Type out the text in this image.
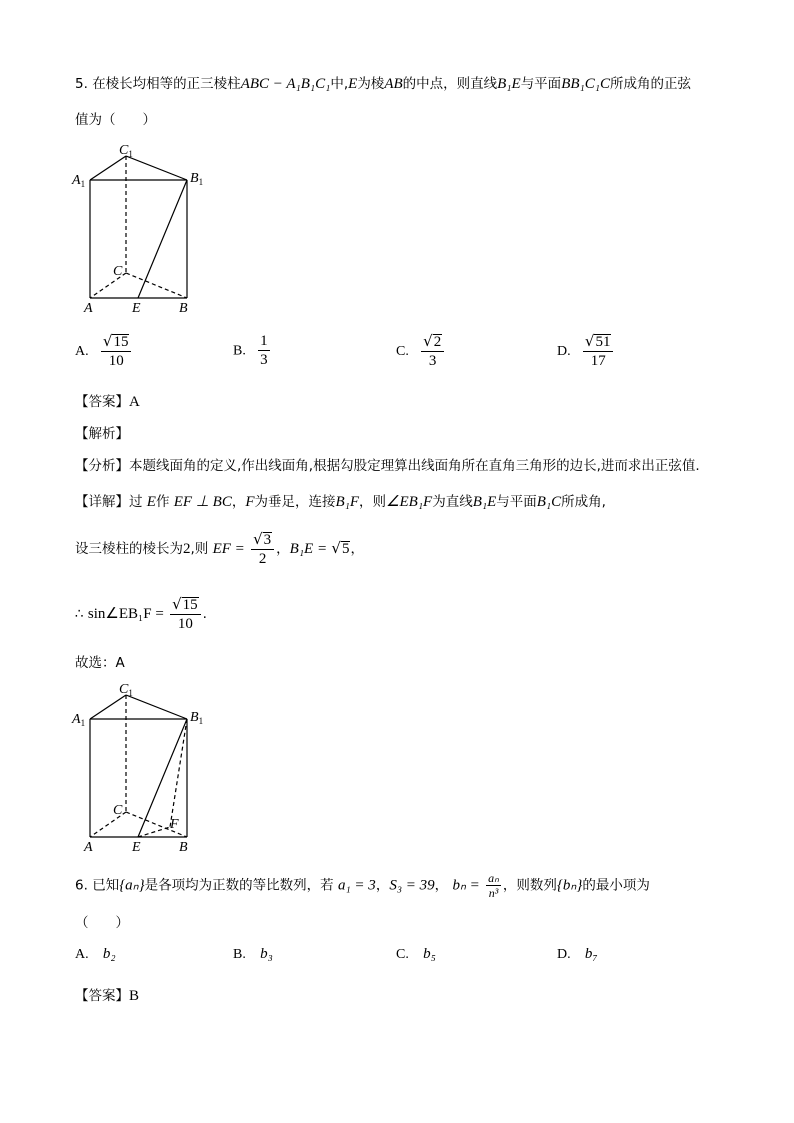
5. 在棱长均相等的正三棱柱ABC − A₁B₁C₁中,E为棱AB的中点，则直线B₁E与平面BB₁C₁C所成角的正弦
值为（　　）
$C_1$
$A_1$	$B_1$
C
A	E	B
A. $\frac{√15}{10}$	B. $\frac{1}{3}$	C. $\frac{√2}{3}$	D. $\frac{√51}{17}$
【答案】A
【解析】
【分析】本题线面角的定义,作出线面角,根据勾股定理算出线面角所在直角三角形的边长,进而求出正弦值.
【详解】过 E作 EF ⊥ BC，F为垂足，连接B₁F，则∠EB₁F为直线B₁E与平面B₁C所成角,
设三棱柱的棱长为2,则 EF = $\frac{√3}{2}$ ，B₁E = √5，
∴ sin∠EB₁F = $\frac{√15}{10}$ .
故选：A
$C_1$
$A_1$	$B_1$
C
F
A	E	B
6. 已知{aₙ}是各项均为正数的等比数列，若 a₁ = 3，S₃ = 39， $b_n = \frac{\text{aₙ}}{\text{n³}}$ ，则数列{bₙ}的最小项为
（　　）
A. b₂	B. b₃	C. b₅	D. b₇
【答案】B
